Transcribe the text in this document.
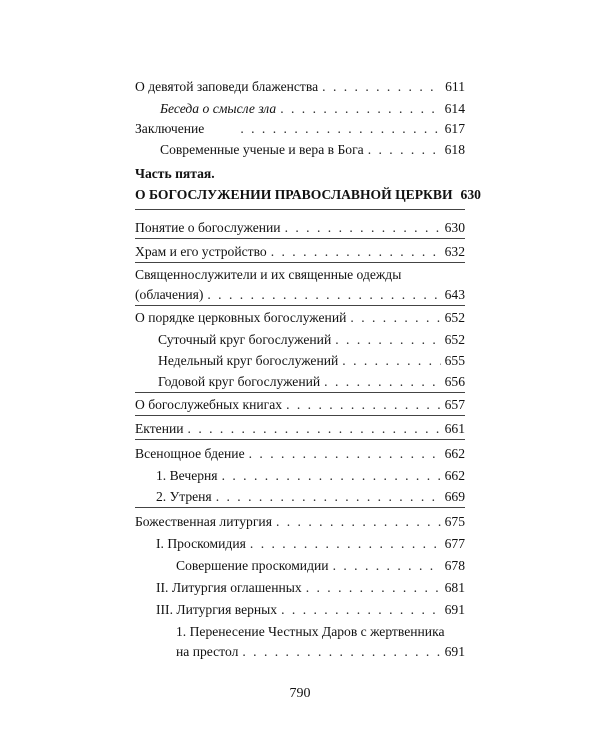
О девятой заповеди блаженства . . .	611
Беседа о смысле зла . . .	614
Заключение . . .	617
Современные ученые и вера в Бога . . .	618
Часть пятая.
О БОГОСЛУЖЕНИИ ПРАВОСЛАВНОЙ ЦЕРКВИ 630
Понятие о богослужении . . .	630
Храм и его устройство . . .	632
Священнослужители и их священные одежды
(облачения) . . .	643
О порядке церковных богослужений . . .	652
Суточный круг богослужений . . .	652
Недельный круг богослужений . . .	655
Годовой круг богослужений . . .	656
О богослужебных книгах . . .	657
Ектении . . .	661
Всенощное бдение . . .	662
1. Вечерня . . .	662
2. Утреня . . .	669
Божественная литургия . . .	675
I. Проскомидия . . .	677
Совершение проскомидии . . .	678
II. Литургия оглашенных . . .	681
III. Литургия верных . . .	691
1. Перенесение Честных Даров с жертвенника
на престол . . .	691
790
